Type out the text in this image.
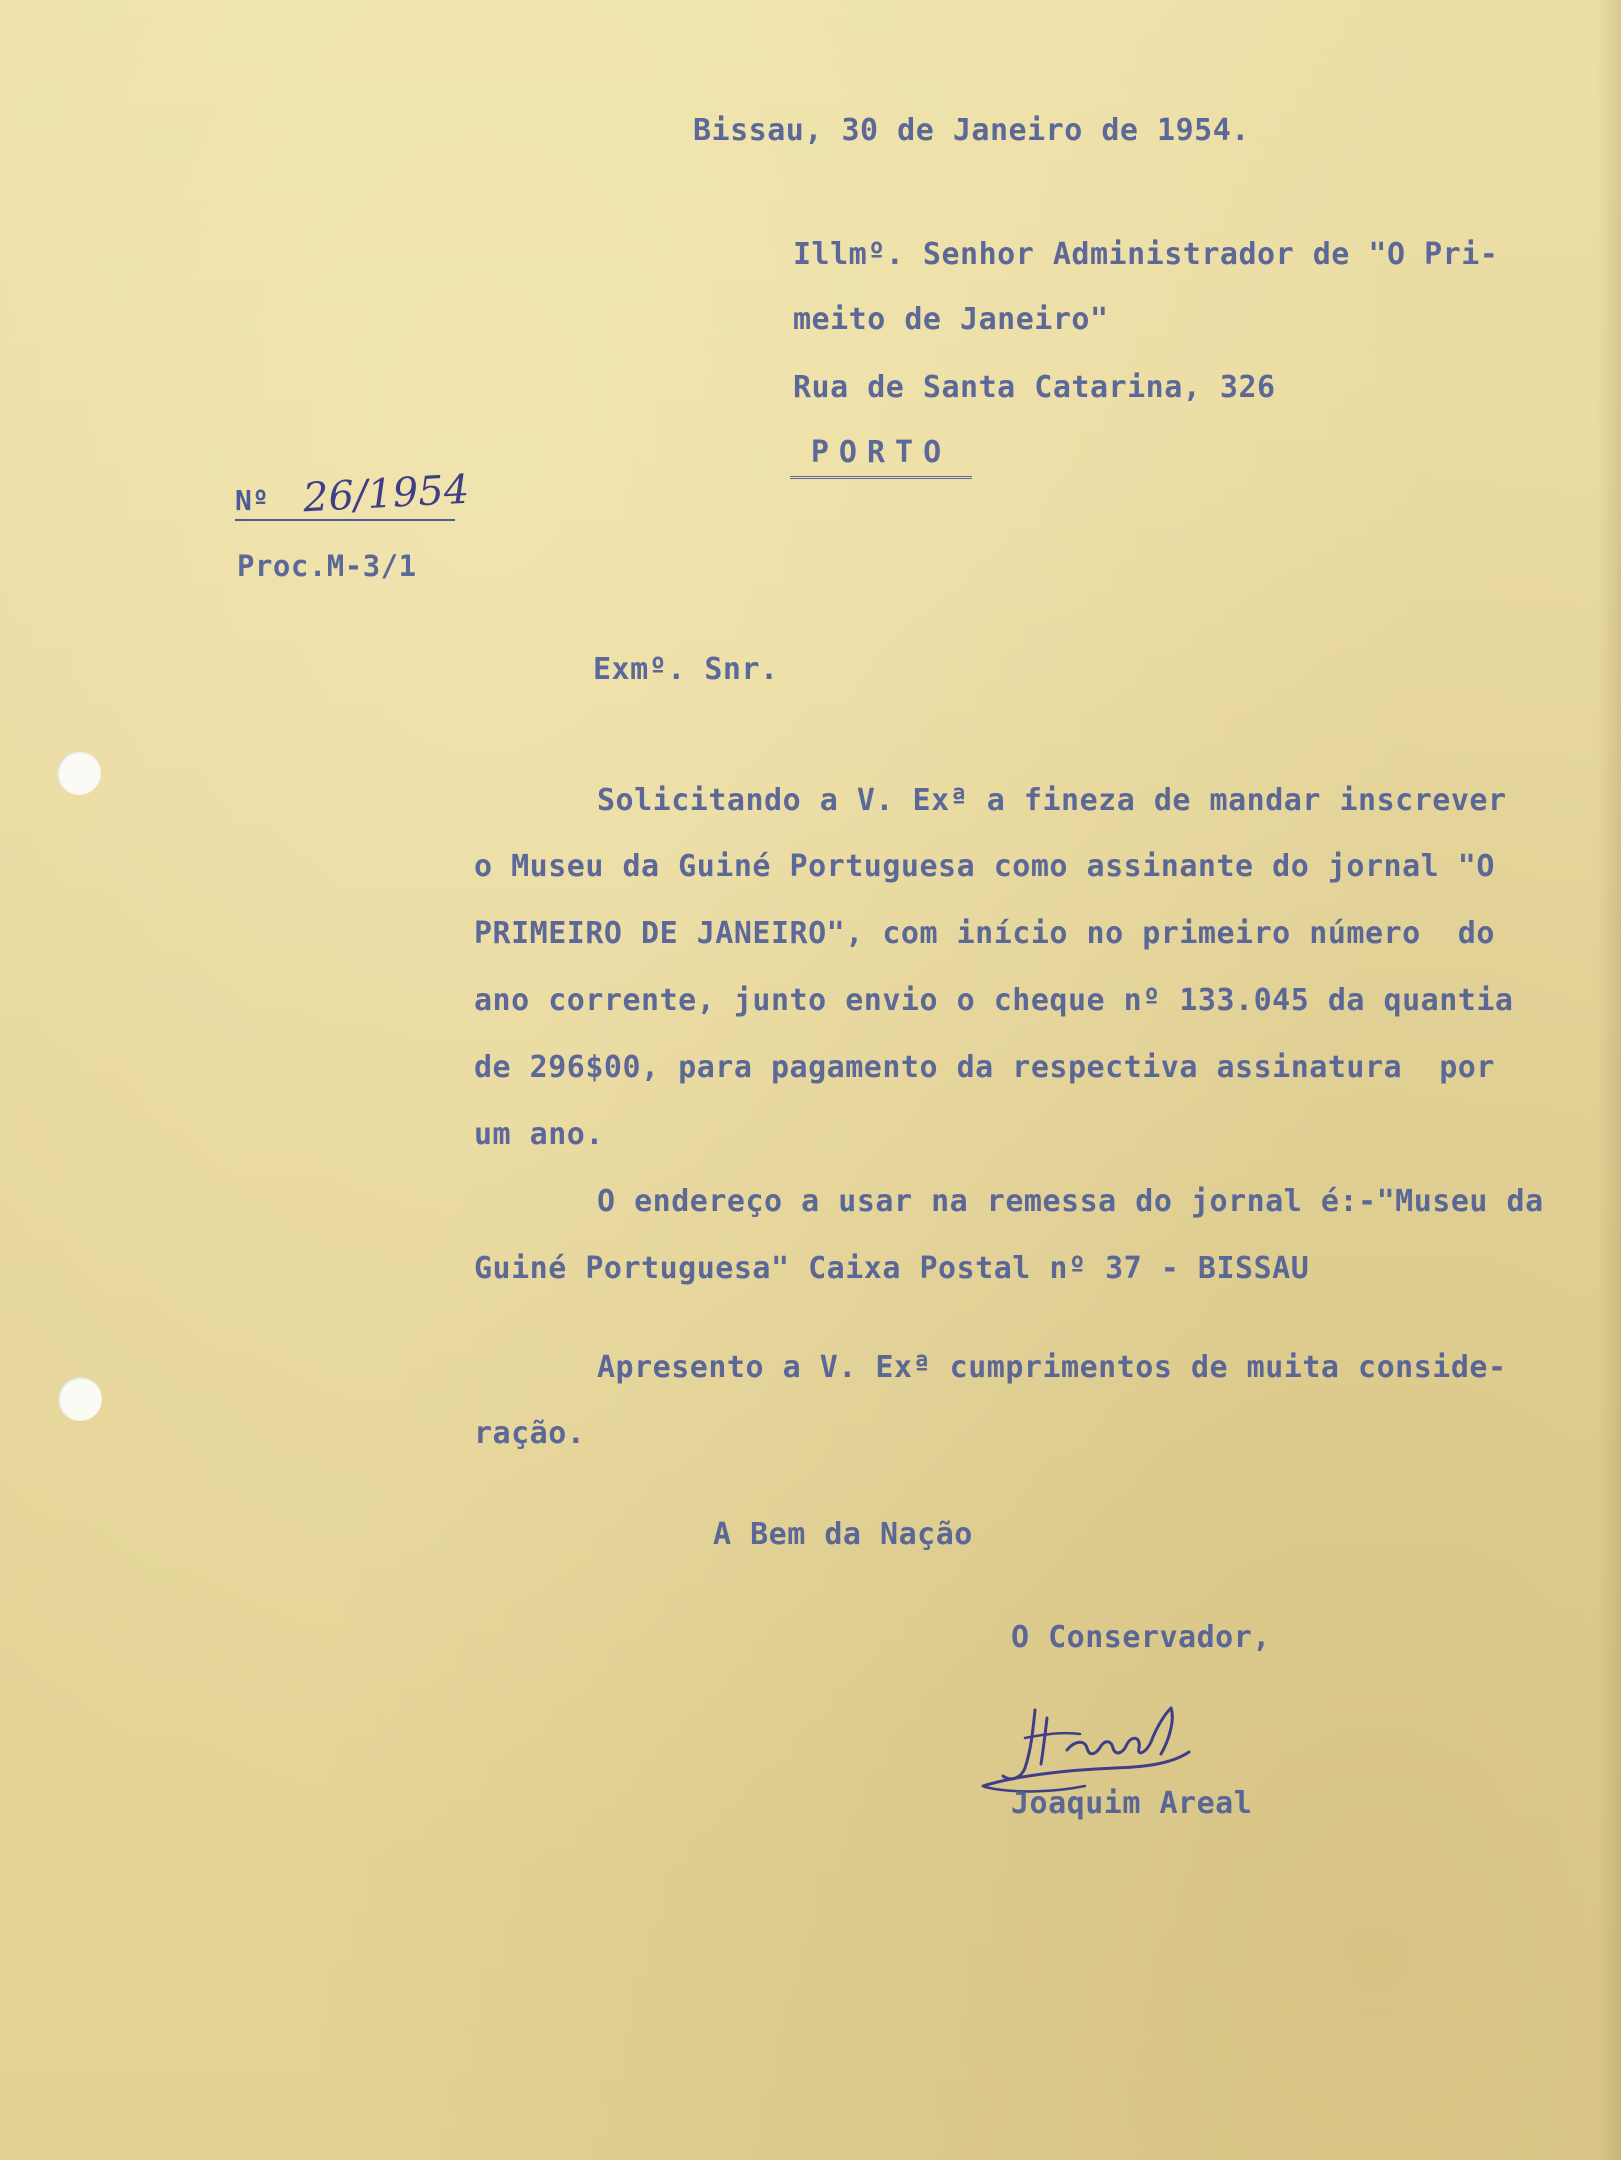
Bissau, 30 de Janeiro de 1954.

Illmº. Senhor Administrador de "O Pri-

meito de Janeiro"

Rua de Santa Catarina, 326

PORTO

Nº 26/1954

Proc.M-3/1

Exmº. Snr.

Solicitando a V. Exª a fineza de mandar inscrever

o Museu da Guiné Portuguesa como assinante do jornal "O

PRIMEIRO DE JANEIRO", com início no primeiro número  do

ano corrente, junto envio o cheque nº 133.045 da quantia

de 296$00, para pagamento da respectiva assinatura  por

um ano.

O endereço a usar na remessa do jornal é:-"Museu da

Guiné Portuguesa" Caixa Postal nº 37 - BISSAU

Apresento a V. Exª cumprimentos de muita conside-

ração.

A Bem da Nação

O Conservador,

Joaquim Areal
